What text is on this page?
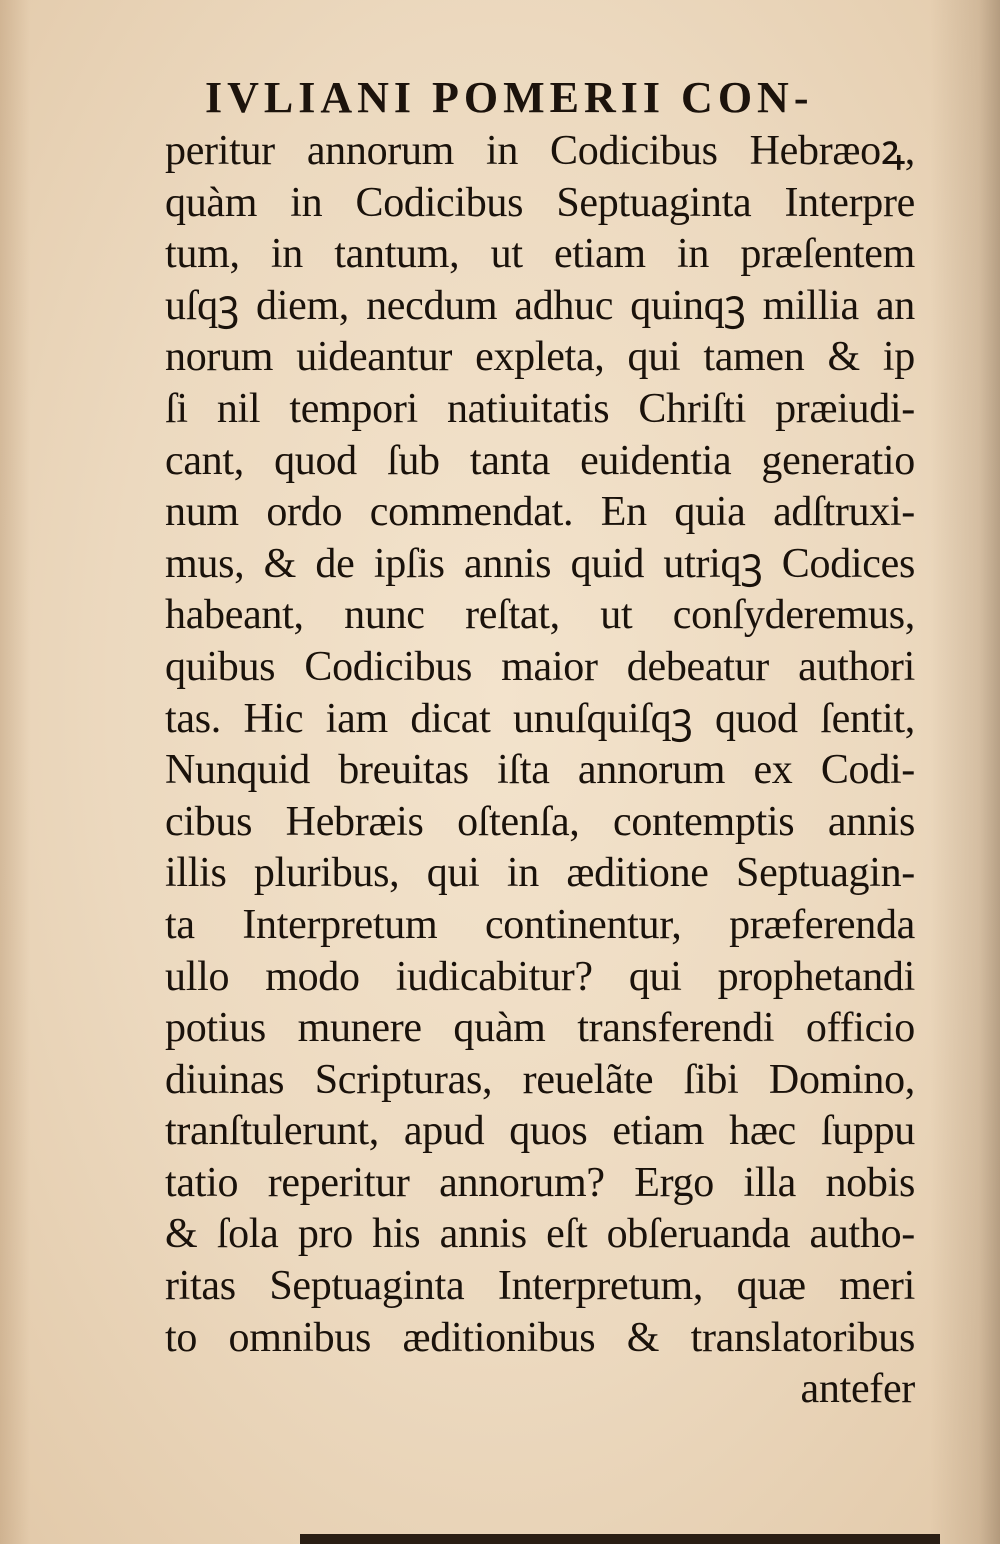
IVLIANI POMERII CON-
peritur annorum in Codicibus Hebræoꝝ,
quàm in Codicibus Septuaginta Interpre
tum, in tantum, ut etiam in præſentem
uſqꝫ diem, necdum adhuc quinqꝫ millia an
norum uideantur expleta, qui tamen & ip
ſi nil tempori natiuitatis Chriſti præiudi-
cant, quod ſub tanta euidentia generatio
num ordo commendat. En quia adſtruxi-
mus, & de ipſis annis quid utriqꝫ Codices
habeant, nunc reſtat, ut conſyderemus,
quibus Codicibus maior debeatur authori
tas. Hic iam dicat unuſquiſqꝫ quod ſentit,
Nunquid breuitas iſta annorum ex Codi-
cibus Hebræis oſtenſa, contemptis annis
illis pluribus, qui in æditione Septuagin-
ta Interpretum continentur, præferenda
ullo modo iudicabitur? qui prophetandi
potius munere quàm transferendi officio
diuinas Scripturas, reuelãte ſibi Domino,
tranſtulerunt, apud quos etiam hæc ſuppu
tatio reperitur annorum? Ergo illa nobis
& ſola pro his annis eſt obſeruanda autho-
ritas Septuaginta Interpretum, quæ meri
to omnibus æditionibus & translatoribus
antefer
